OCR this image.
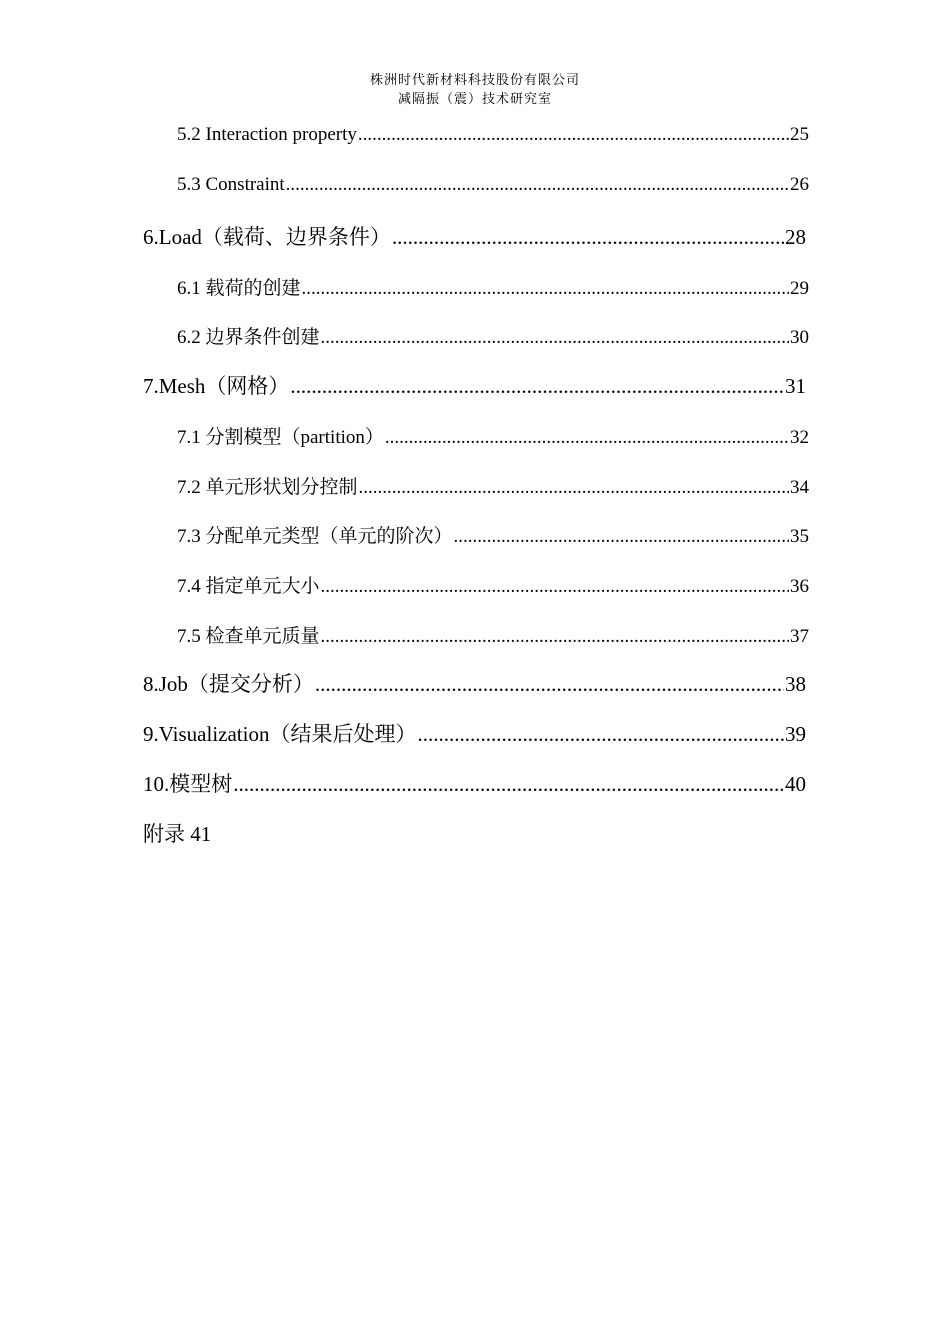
株洲时代新材料科技股份有限公司
减隔振（震）技术研究室
5.2 Interaction property .....	25
5.3 Constraint .....	26
6.Load（载荷、边界条件） .....	28
6.1 载荷的创建 .....	29
6.2 边界条件创建 .....	30
7.Mesh（网格） .....	31
7.1 分割模型（partition） .....	32
7.2 单元形状划分控制 .....	34
7.3 分配单元类型（单元的阶次） .....	35
7.4 指定单元大小 .....	36
7.5 检查单元质量 .....	37
8.Job（提交分析） .....	38
9.Visualization（结果后处理） .....	39
10.模型树 .....	40
附录 41
